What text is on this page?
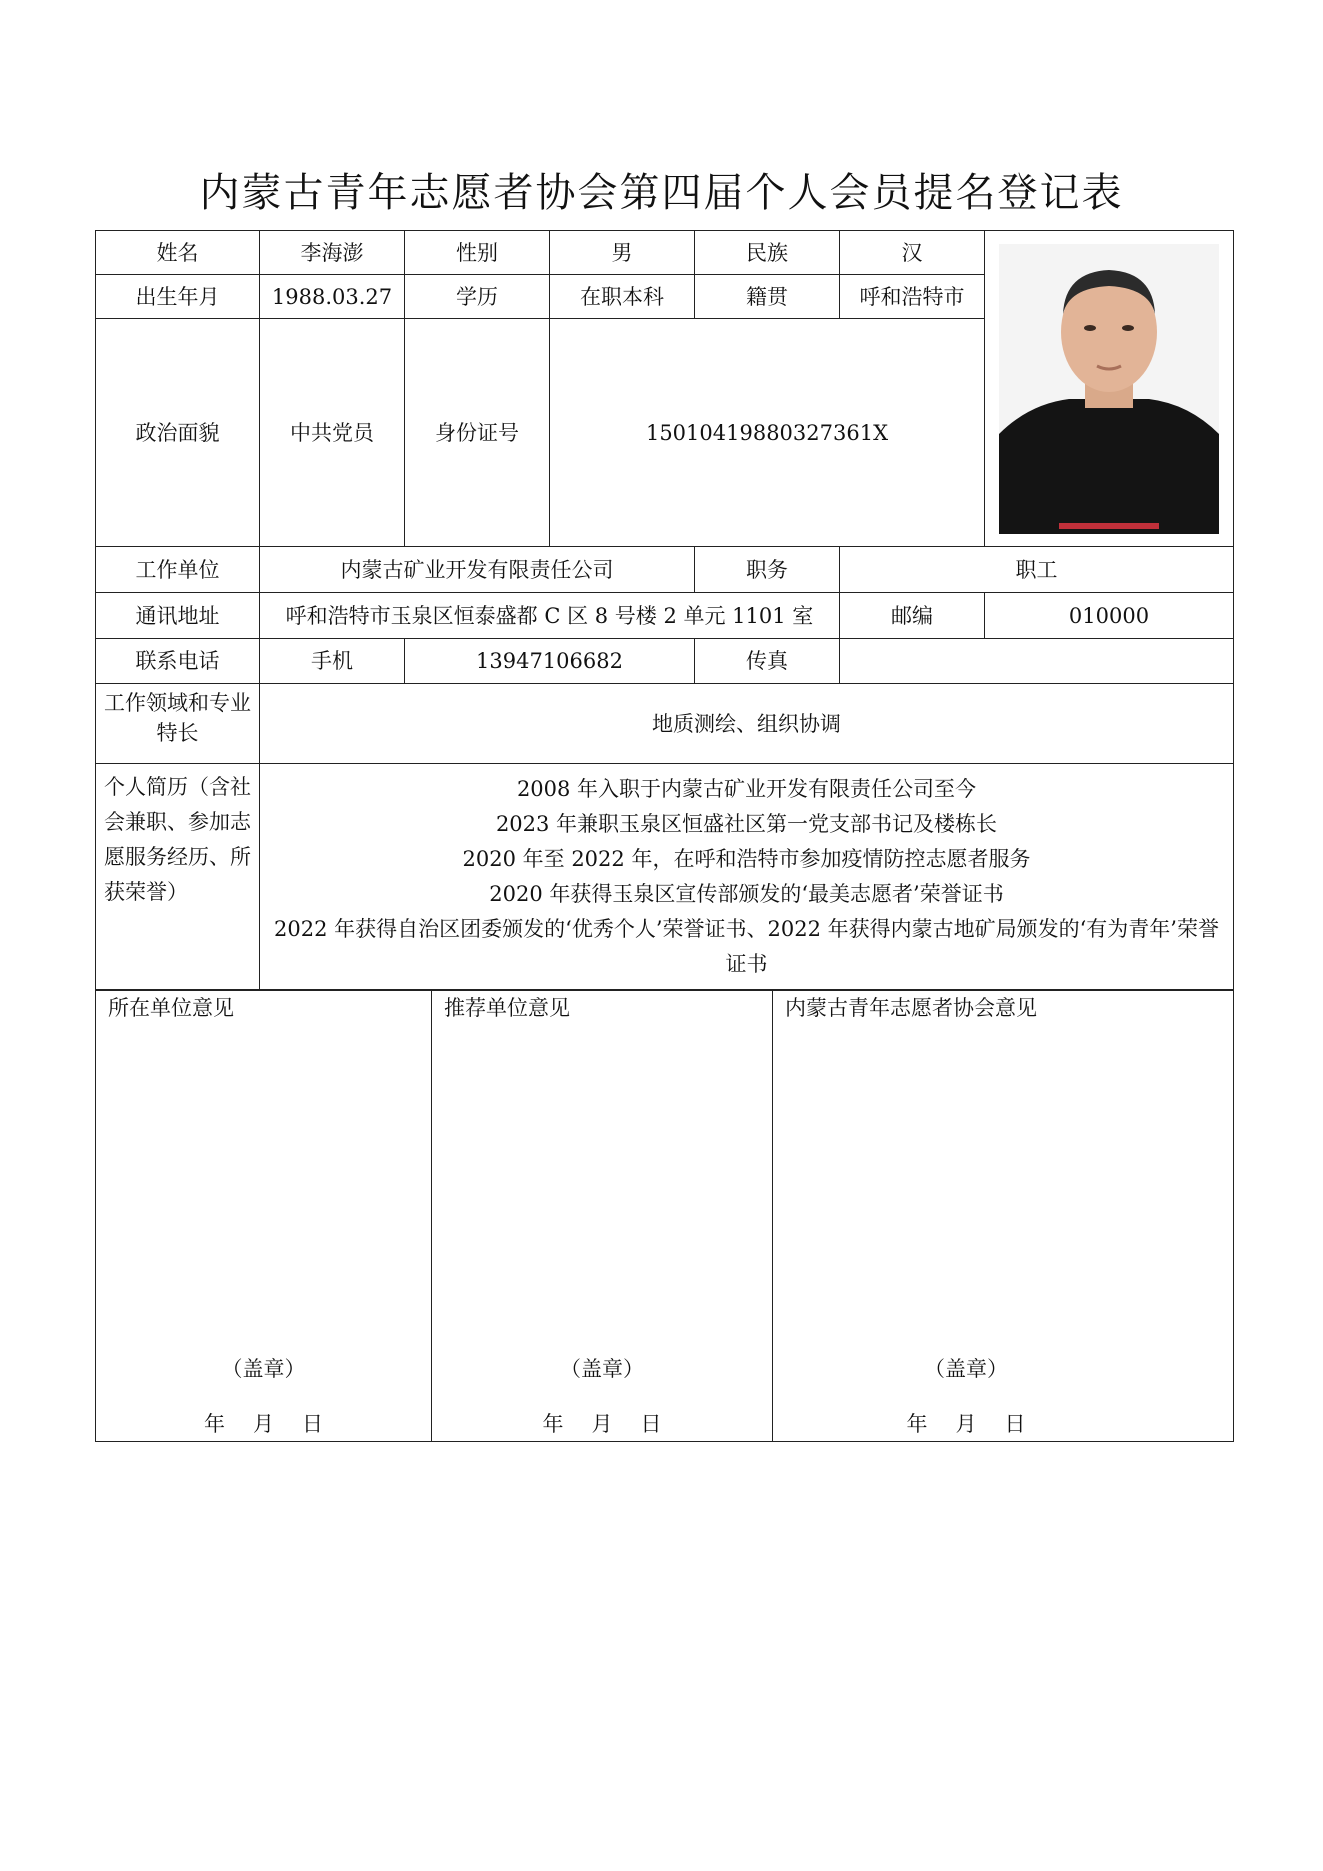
内蒙古青年志愿者协会第四届个人会员提名登记表
姓名	李海澎	性别	男	民族	汉	

出生年月	1988.03.27	学历	在职本科	籍贯	呼和浩特市	
政治面貌	中共党员	身份证号	15010419880327361X			
工作单位	内蒙古矿业开发有限责任公司			职务	职工	
通讯地址	呼和浩特市玉泉区恒泰盛都 C 区 8 号楼 2 单元 1101 室				邮编	010000
联系电话	手机	13947106682		传真		
工作领域和专业特长	地质测绘、组织协调					
个人简历（含社会兼职、参加志愿服务经历、所获荣誉）	2008 年入职于内蒙古矿业开发有限责任公司至今
2023 年兼职玉泉区恒盛社区第一党支部书记及楼栋长
2020 年至 2022 年，在呼和浩特市参加疫情防控志愿者服务
2020 年获得玉泉区宣传部颁发的‘最美志愿者’荣誉证书
2022 年获得自治区团委颁发的‘优秀个人’荣誉证书、2022 年获得内蒙古地矿局颁发的‘有为青年’荣誉证书					
所在单位意见
（盖章）
年 月 日

推荐单位意见
（盖章）
年 月 日

内蒙古青年志愿者协会意见
（盖章）
年 月 日
